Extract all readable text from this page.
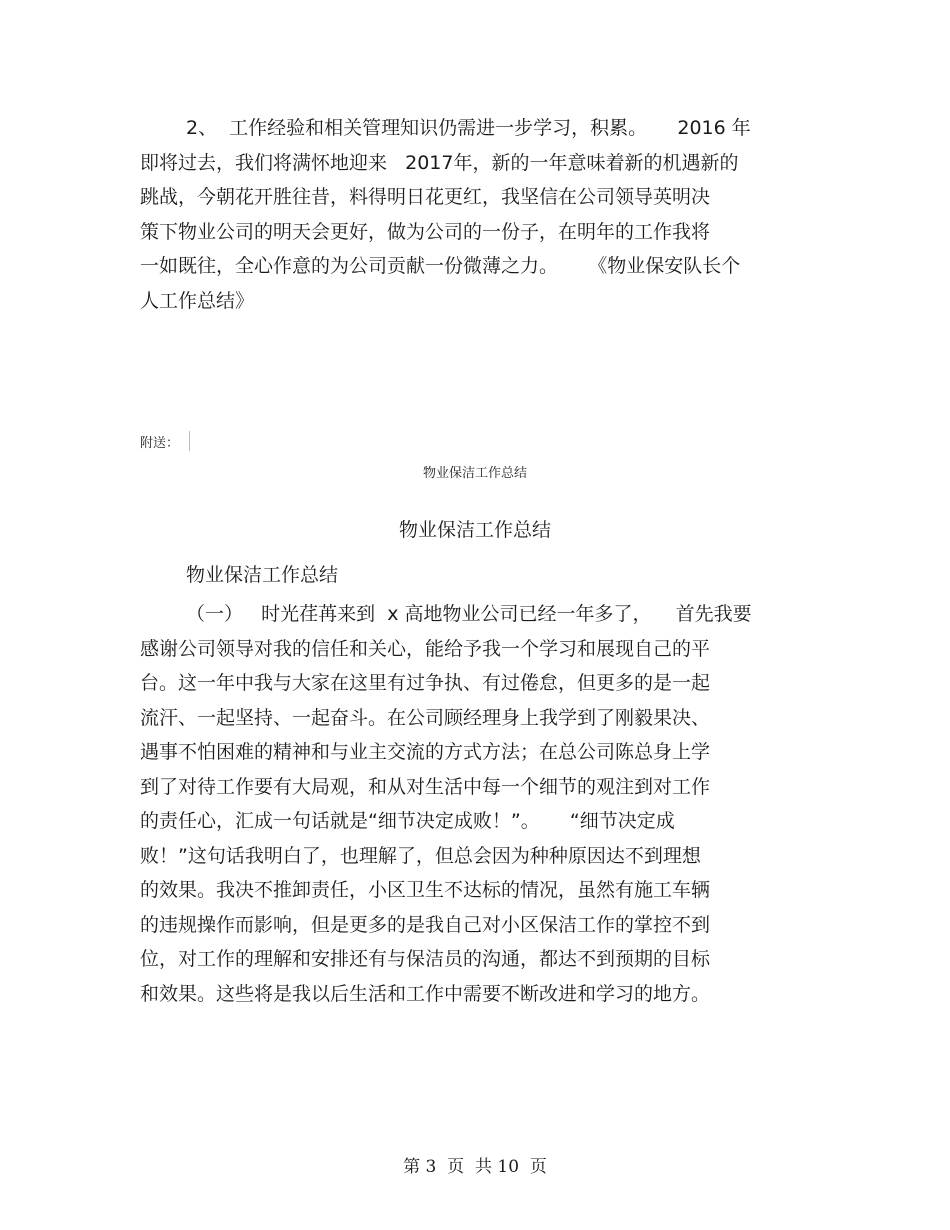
2、  工作经验和相关管理知识仍需进一步学习，积累。     2016 年
即将过去，我们将满怀地迎来   2017年，新的一年意味着新的机遇新的
跳战，今朝花开胜往昔，料得明日花更红，我坚信在公司领导英明决
策下物业公司的明天会更好，做为公司的一份子，在明年的工作我将
一如既往，全心作意的为公司贡献一份微薄之力。     《物业保安队长个
人工作总结》
附送：
物业保洁工作总结
物业保洁工作总结
物业保洁工作总结
（一）   时光荏苒来到  x 高地物业公司已经一年多了，    首先我要
感谢公司领导对我的信任和关心，能给予我一个学习和展现自己的平
台。这一年中我与大家在这里有过争执、有过倦怠，但更多的是一起
流汗、一起坚持、一起奋斗。在公司顾经理身上我学到了刚毅果决、
遇事不怕困难的精神和与业主交流的方式方法；在总公司陈总身上学
到了对待工作要有大局观，和从对生活中每一个细节的观注到对工作
的责任心，汇成一句话就是“细节决定成败！”。     “细节决定成
败！”这句话我明白了，也理解了，但总会因为种种原因达不到理想
的效果。我决不推卸责任，小区卫生不达标的情况，虽然有施工车辆
的违规操作而影响，但是更多的是我自己对小区保洁工作的掌控不到
位，对工作的理解和安排还有与保洁员的沟通，都达不到预期的目标
和效果。这些将是我以后生活和工作中需要不断改进和学习的地方。
第 3  页  共 10  页
